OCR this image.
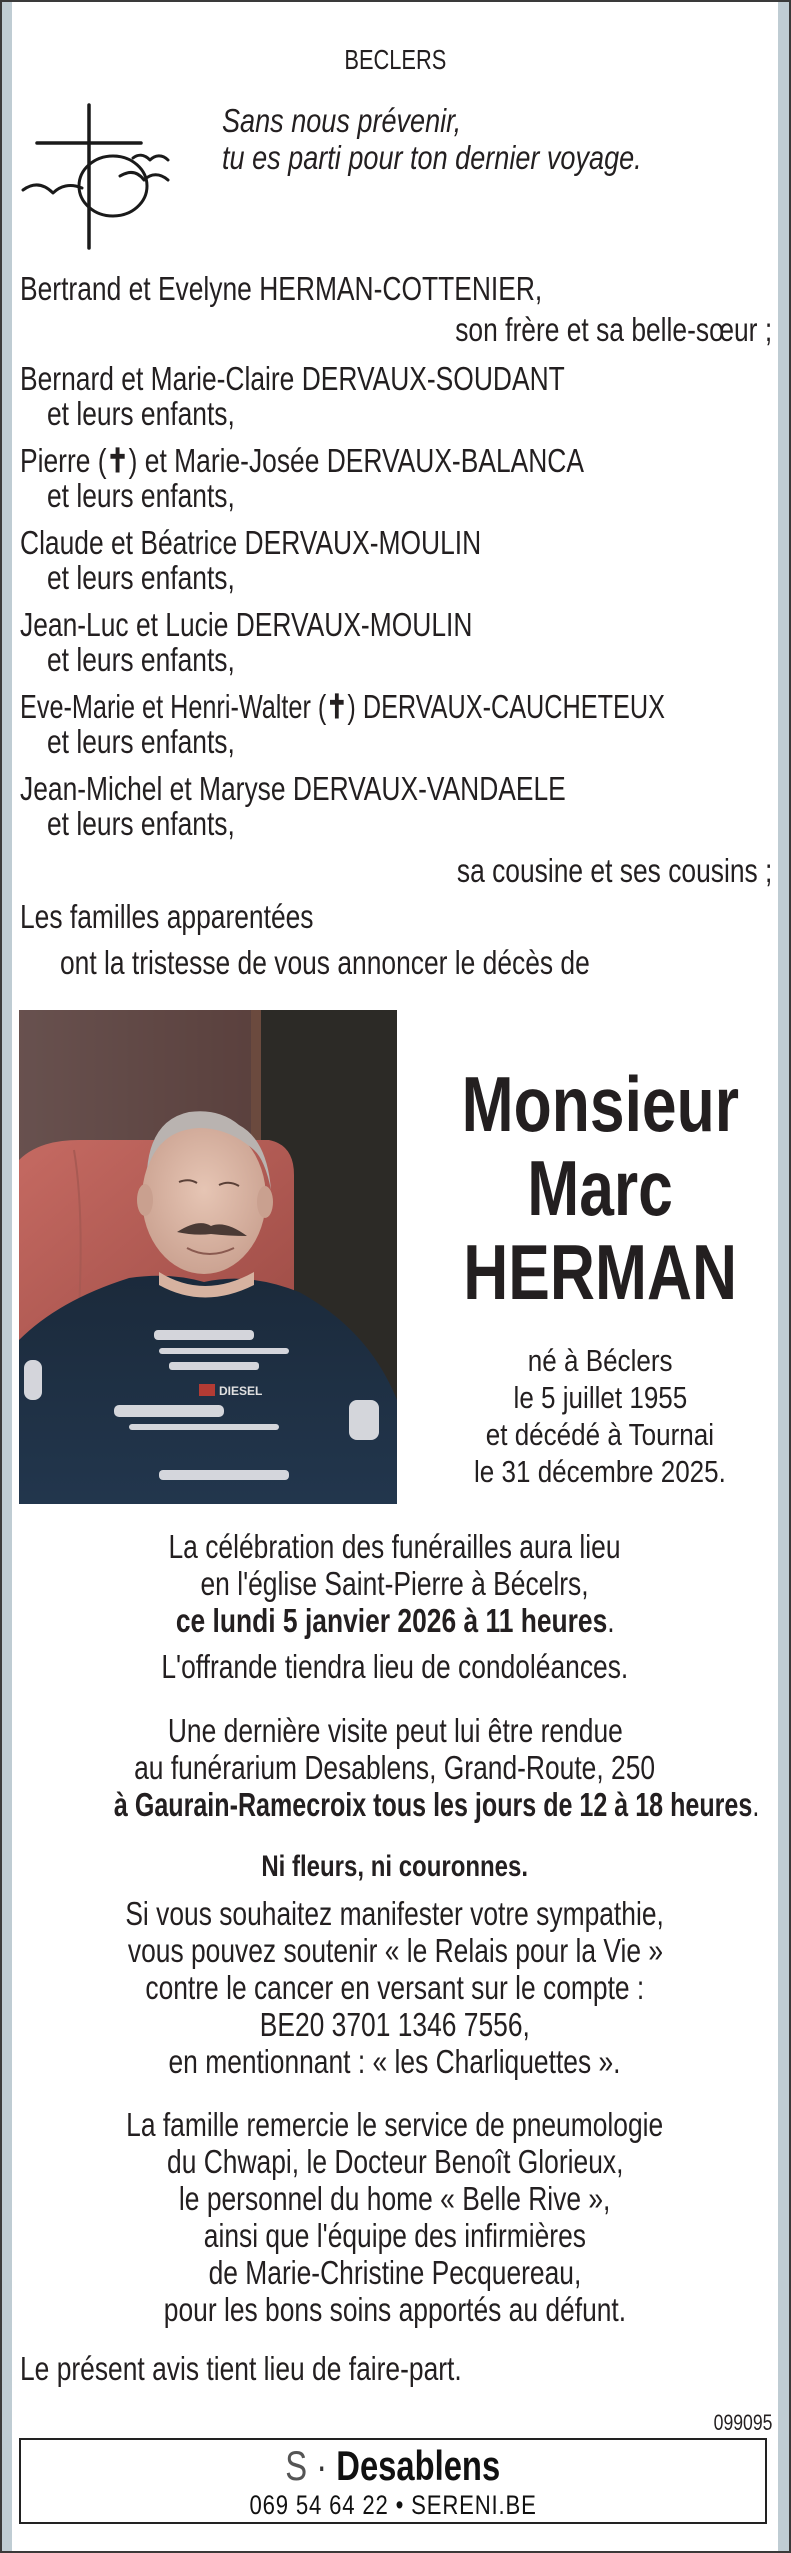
BECLERS
Sans nous prévenir,
tu es parti pour ton dernier voyage.
Bertrand et Evelyne HERMAN-COTTENIER,
son frère et sa belle-sœur ;
Bernard et Marie-Claire DERVAUX-SOUDANT
et leurs enfants,
Pierre (✝) et Marie-Josée DERVAUX-BALANCA
et leurs enfants,
Claude et Béatrice DERVAUX-MOULIN
et leurs enfants,
Jean-Luc et Lucie DERVAUX-MOULIN
et leurs enfants,
Eve-Marie et Henri-Walter (✝) DERVAUX-CAUCHETEUX
et leurs enfants,
Jean-Michel et Maryse DERVAUX-VANDAELE
et leurs enfants,
sa cousine et ses cousins ;
Les familles apparentées
ont la tristesse de vous annoncer le décès de
DIESEL
Monsieur
Marc
HERMAN
né à Béclers
le 5 juillet 1955
et décédé à Tournai
le 31 décembre 2025.
La célébration des funérailles aura lieu
en l'église Saint-Pierre à Bécelrs,
ce lundi 5 janvier 2026 à 11 heures.
L'offrande tiendra lieu de condoléances.
Une dernière visite peut lui être rendue
au funérarium Desablens, Grand-Route, 250
à Gaurain-Ramecroix tous les jours de 12 à 18 heures.
Ni fleurs, ni couronnes.
Si vous souhaitez manifester votre sympathie,
vous pouvez soutenir « le Relais pour la Vie »
contre le cancer en versant sur le compte :
BE20 3701 1346 7556,
en mentionnant : « les Charliquettes ».
La famille remercie le service de pneumologie
du Chwapi, le Docteur Benoît Glorieux,
le personnel du home « Belle Rive »,
ainsi que l'équipe des infirmières
de Marie-Christine Pecquereau,
pour les bons soins apportés au défunt.
Le présent avis tient lieu de faire-part.
099095
S · Desablens
069 54 64 22 • SERENI.BE
